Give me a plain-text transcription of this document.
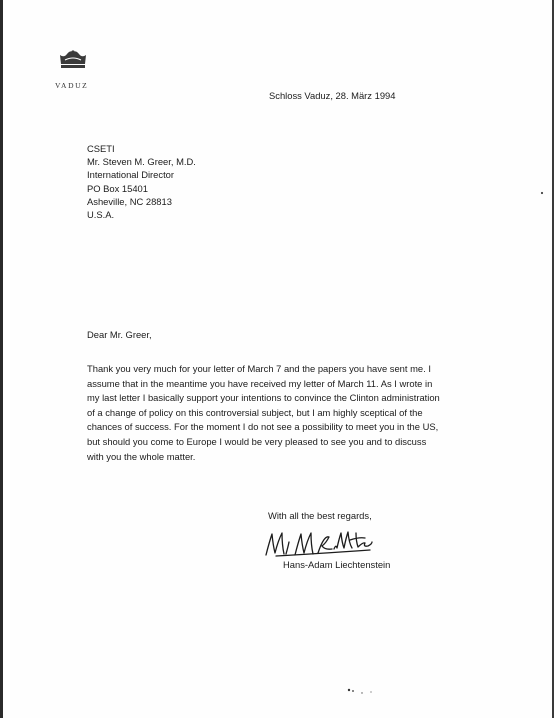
VADUZ
Schloss Vaduz, 28. März 1994
CSETI
Mr. Steven M. Greer, M.D.
International Director
PO Box 15401
Asheville, NC 28813
U.S.A.
Dear Mr. Greer,
Thank you very much for your letter of March 7 and the papers you have sent me. I
assume that in the meantime you have received my letter of March 11. As I wrote in
my last letter I basically support your intentions to convince the Clinton administration
of a change of policy on this controversial subject, but I am highly sceptical of the
chances of success. For the moment I do not see a possibility to meet you in the US,
but should you come to Europe I would be very pleased to see you and to discuss
with you the whole matter.
With all the best regards,
Hans-Adam Liechtenstein
